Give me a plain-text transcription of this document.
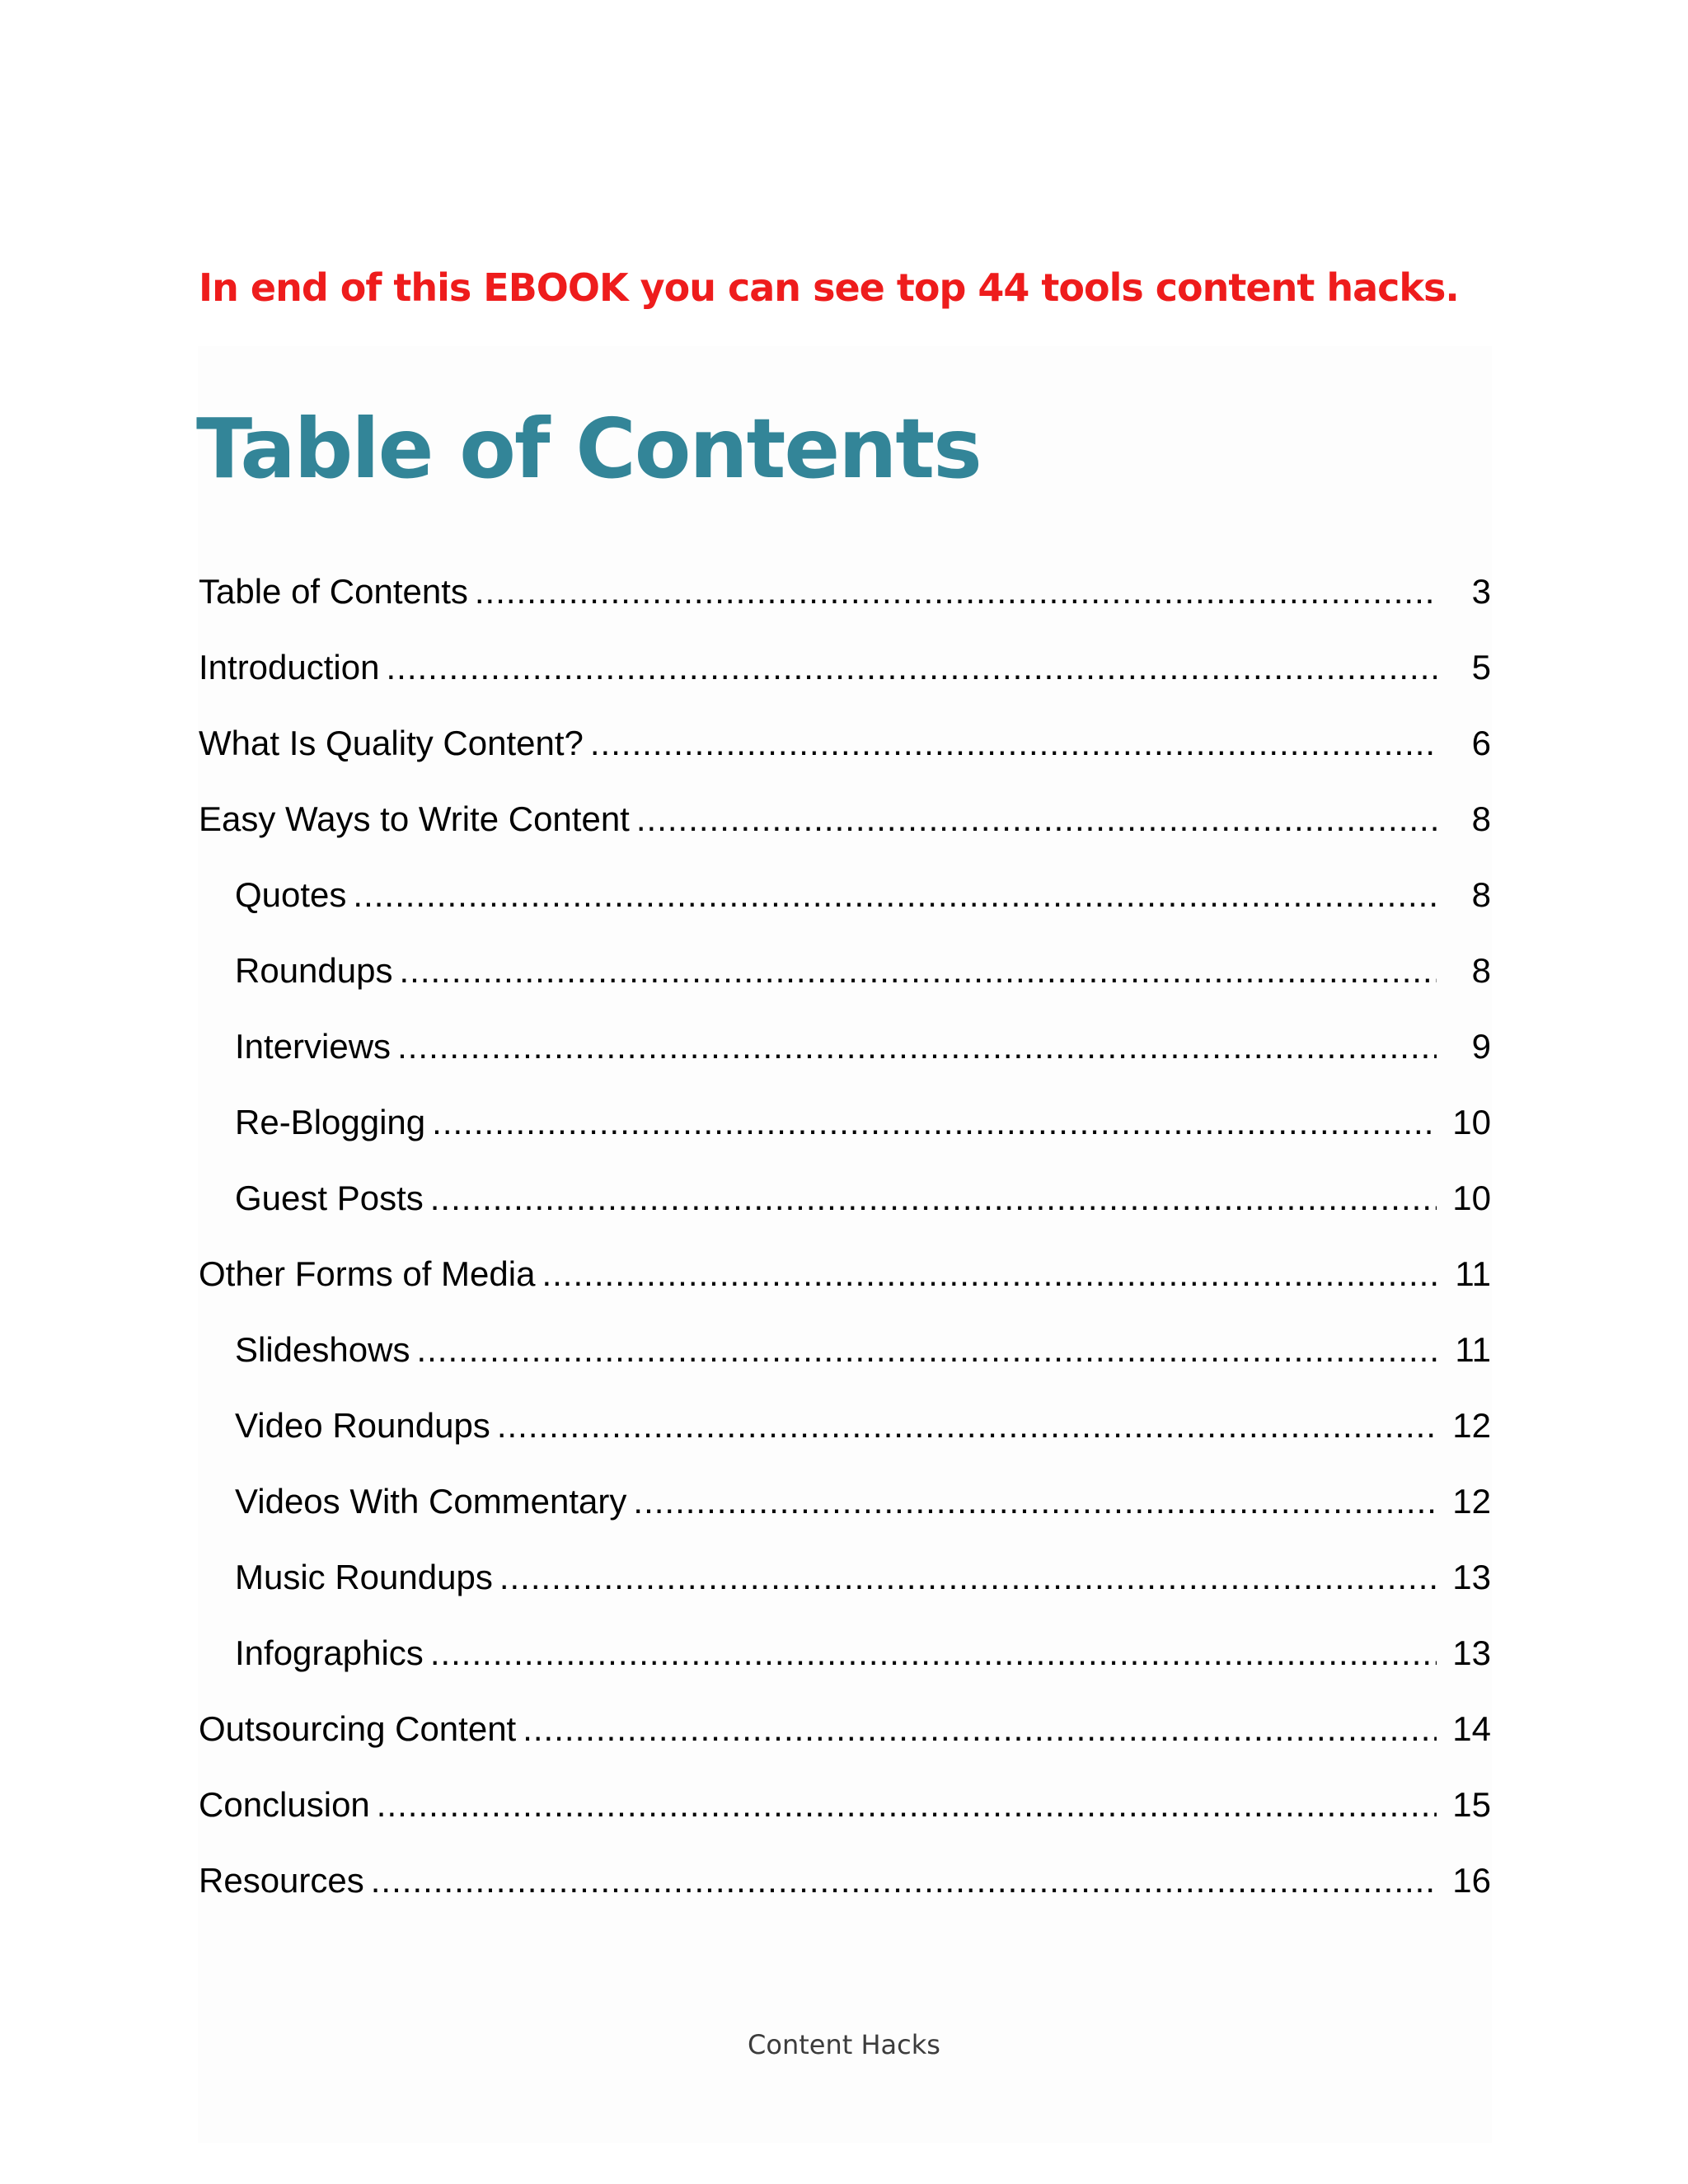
In end of this EBOOK you can see top 44 tools content hacks.

Table of Contents
Table of Contents .....	3
Introduction .....	5
What Is Quality Content? .....	6
Easy Ways to Write Content .....	8
Quotes .....	8
Roundups .....	8
Interviews .....	9
Re-Blogging .....	10
Guest Posts .....	10
Other Forms of Media .....	11
Slideshows .....	11
Video Roundups .....	12
Videos With Commentary .....	12
Music Roundups .....	13
Infographics .....	13
Outsourcing Content .....	14
Conclusion .....	15
Resources .....	16
Content Hacks
